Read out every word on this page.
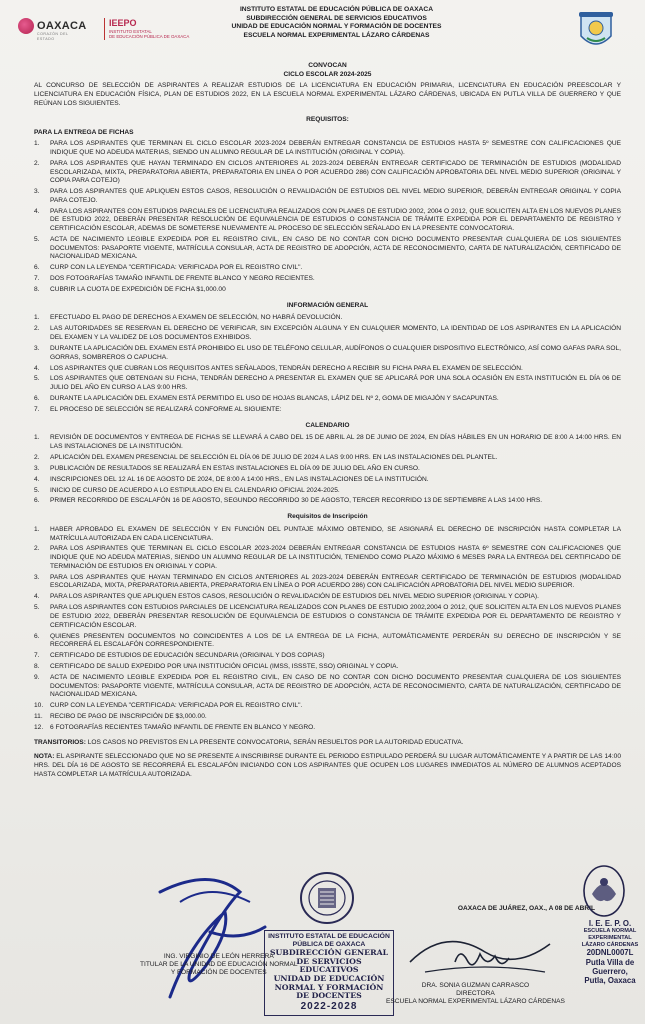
OAXACA
CORAZÓN DEL ESTADO
IEEPO
INSTITUTO ESTATAL
DE EDUCACIÓN PÚBLICA DE OAXACA
INSTITUTO ESTATAL DE EDUCACIÓN PÚBLICA DE OAXACA
SUBDIRECCIÓN GENERAL DE SERVICIOS EDUCATIVOS
UNIDAD DE EDUCACIÓN NORMAL Y FORMACIÓN DE DOCENTES
ESCUELA NORMAL EXPERIMENTAL LÁZARO CÁRDENAS
CONVOCAN
CICLO ESCOLAR 2024-2025

AL CONCURSO DE SELECCIÓN DE ASPIRANTES A REALIZAR ESTUDIOS DE LA LICENCIATURA EN EDUCACIÓN PRIMARIA, LICENCIATURA EN EDUCACIÓN PREESCOLAR Y LICENCIATURA EN EDUCACIÓN FÍSICA, PLAN DE ESTUDIOS 2022, EN LA ESCUELA NORMAL EXPERIMENTAL LÁZARO CÁRDENAS, UBICADA EN PUTLA VILLA DE GUERRERO Y QUE REÚNAN LOS SIGUIENTES.

REQUISITOS:
PARA LA ENTREGA DE FICHAS
1.	PARA LOS ASPIRANTES QUE TERMINAN EL CICLO ESCOLAR 2023-2024 DEBERÁN ENTREGAR CONSTANCIA DE ESTUDIOS HASTA 5º SEMESTRE CON CALIFICACIONES QUE INDIQUE QUE NO ADEUDA MATERIAS, SIENDO UN ALUMNO REGULAR DE LA INSTITUCIÓN (ORIGINAL Y COPIA).
2.	PARA LOS ASPIRANTES QUE HAYAN TERMINADO EN CICLOS ANTERIORES AL 2023-2024 DEBERÁN ENTREGAR CERTIFICADO DE TERMINACIÓN DE ESTUDIOS (MODALIDAD ESCOLARIZADA, MIXTA, PREPARATORIA ABIERTA, PREPARATORIA EN LINEA O POR ACUERDO 286) CON CALIFICACIÓN APROBATORIA DEL NIVEL MEDIO SUPERIOR (ORIGINAL Y COPIA PARA COTEJO)
3.	PARA LOS ASPIRANTES QUE APLIQUEN ESTOS CASOS, RESOLUCIÓN O REVALIDACIÓN DE ESTUDIOS DEL NIVEL MEDIO SUPERIOR, DEBERÁN ENTREGAR ORIGINAL Y COPIA PARA COTEJO.
4.	PARA LOS ASPIRANTES CON ESTUDIOS PARCIALES DE LICENCIATURA REALIZADOS CON PLANES DE ESTUDIO 2002, 2004 O 2012, QUE SOLICITEN ALTA EN LOS NUEVOS PLANES DE ESTUDIO 2022, DEBERÁN PRESENTAR RESOLUCIÓN DE EQUIVALENCIA DE ESTUDIOS O CONSTANCIA DE TRÁMITE EXPEDIDA POR EL DEPARTAMENTO DE REGISTRO Y CERTIFICACIÓN ESCOLAR, ADEMAS DE SOMETERSE NUEVAMENTE AL PROCESO DE SELECCIÓN SEÑALADO EN LA PRESENTE CONVOCATORIA.
5.	ACTA DE NACIMIENTO LEGIBLE EXPEDIDA POR EL REGISTRO CIVIL, EN CASO DE NO CONTAR CON DICHO DOCUMENTO PRESENTAR CUALQUIERA DE LOS SIGUIENTES DOCUMENTOS: PASAPORTE VIGENTE, MATRÍCULA CONSULAR, ACTA DE REGISTRO DE ADOPCIÓN, ACTA DE RECONOCIMIENTO, CARTA DE NATURALIZACIÓN, CERTIFICADO DE NACIONALIDAD MEXICANA.
6.	CURP CON LA LEYENDA "CERTIFICADA: VERIFICADA POR EL REGISTRO CIVIL".
7.	DOS FOTOGRAFÍAS TAMAÑO INFANTIL DE FRENTE BLANCO Y NEGRO RECIENTES.
8.	CUBRIR LA CUOTA DE EXPEDICIÓN DE FICHA $1,000.00
INFORMACIÓN GENERAL
1.	EFECTUADO EL PAGO DE DERECHOS A EXAMEN DE SELECCIÓN, NO HABRÁ DEVOLUCIÓN.
2.	LAS AUTORIDADES SE RESERVAN EL DERECHO DE VERIFICAR, SIN EXCEPCIÓN ALGUNA Y EN CUALQUIER MOMENTO, LA IDENTIDAD DE LOS ASPIRANTES EN LA APLICACIÓN DEL EXAMEN Y LA VALIDEZ DE LOS DOCUMENTOS EXHIBIDOS.
3.	DURANTE LA APLICACIÓN DEL EXAMEN ESTÁ PROHIBIDO EL USO DE TELÉFONO CELULAR, AUDÍFONOS O CUALQUIER DISPOSITIVO ELECTRÓNICO, ASÍ COMO GAFAS PARA SOL, GORRAS, SOMBREROS O CAPUCHA.
4.	LOS ASPIRANTES QUE CUBRAN LOS REQUISITOS ANTES SEÑALADOS, TENDRÁN DERECHO A RECIBIR SU FICHA PARA EL EXAMEN DE SELECCIÓN.
5.	LOS ASPIRANTES QUE OBTENGAN SU FICHA, TENDRÁN DERECHO A PRESENTAR EL EXAMEN QUE SE APLICARÁ POR UNA SOLA OCASIÓN EN ESTA INSTITUCIÓN EL DÍA 06 DE JULIO DEL AÑO EN CURSO A LAS 9:00 HRS.
6.	DURANTE LA APLICACIÓN DEL EXAMEN ESTÁ PERMITIDO EL USO DE HOJAS BLANCAS, LÁPIZ DEL Nº 2, GOMA DE MIGAJÓN Y SACAPUNTAS.
7.	EL PROCESO DE SELECCIÓN SE REALIZARÁ CONFORME AL SIGUIENTE:
CALENDARIO
1.	REVISIÓN DE DOCUMENTOS Y ENTREGA DE FICHAS SE LLEVARÁ A CABO DEL 15 DE ABRIL AL 28 DE JUNIO DE 2024, EN DÍAS HÁBILES EN UN HORARIO DE 8:00 A 14:00 HRS. EN LAS INSTALACIONES DE LA INSTITUCIÓN.
2.	APLICACIÓN DEL EXAMEN PRESENCIAL DE SELECCIÓN EL DÍA 06 DE JULIO DE 2024 A LAS 9:00 HRS. EN LAS INSTALACIONES DEL PLANTEL.
3.	PUBLICACIÓN DE RESULTADOS SE REALIZARÁ EN ESTAS INSTALACIONES EL DÍA 09 DE JULIO DEL AÑO EN CURSO.
4.	INSCRIPCIONES DEL 12 AL 16 DE AGOSTO DE 2024, DE 8:00 A 14:00 HRS., EN LAS INSTALACIONES DE LA INSTITUCIÓN.
5.	INICIO DE CURSO DE ACUERDO A LO ESTIPULADO EN EL CALENDARIO OFICIAL 2024-2025.
6.	PRIMER RECORRIDO DE ESCALAFÓN 16 DE AGOSTO, SEGUNDO RECORRIDO 30 DE AGOSTO, TERCER RECORRIDO 13 DE SEPTIEMBRE A LAS 14:00 HRS.
Requisitos de Inscripción
1.	HABER APROBADO EL EXAMEN DE SELECCIÓN Y EN FUNCIÓN DEL PUNTAJE MÁXIMO OBTENIDO, SE ASIGNARÁ EL DERECHO DE INSCRIPCIÓN HASTA COMPLETAR LA MATRÍCULA AUTORIZADA EN CADA LICENCIATURA.
2.	PARA LOS ASPIRANTES QUE TERMINAN EL CICLO ESCOLAR 2023-2024 DEBERÁN ENTREGAR CONSTANCIA DE ESTUDIOS HASTA 6º SEMESTRE CON CALIFICACIONES QUE INDIQUE QUE NO ADEUDA MATERIAS, SIENDO UN ALUMNO REGULAR DE LA INSTITUCIÓN, TENIENDO COMO PLAZO MÁXIMO 6 MESES PARA LA ENTREGA DEL CERTIFICADO DE TERMINACIÓN DE ESTUDIOS EN ORIGINAL Y COPIA.
3.	PARA LOS ASPIRANTES QUE HAYAN TERMINADO EN CICLOS ANTERIORES AL 2023-2024 DEBERÁN ENTREGAR CERTIFICADO DE TERMINACIÓN DE ESTUDIOS (MODALIDAD ESCOLARIZADA, MIXTA, PREPARATORIA ABIERTA, PREPARATORIA EN LÍNEA O POR ACUERDO 286) CON CALIFICACIÓN APROBATORIA DEL NIVEL MEDIO SUPERIOR.
4.	PARA LOS ASPIRANTES QUE APLIQUEN ESTOS CASOS, RESOLUCIÓN O REVALIDACIÓN DE ESTUDIOS DEL NIVEL MEDIO SUPERIOR (ORIGINAL Y COPIA).
5.	PARA LOS ASPIRANTES CON ESTUDIOS PARCIALES DE LICENCIATURA REALIZADOS CON PLANES DE ESTUDIO 2002,2004 O 2012, QUE SOLICITEN ALTA EN LOS NUEVOS PLANES DE ESTUDIO 2022, DEBERÁN PRESENTAR RESOLUCIÓN DE EQUIVALENCIA DE ESTUDIOS O CONSTANCIA DE TRÁMITE EXPEDIDA POR EL DEPARTAMENTO DE REGISTRO Y CERTIFICACIÓN ESCOLAR.
6.	QUIENES PRESENTEN DOCUMENTOS NO COINCIDENTES A LOS DE LA ENTREGA DE LA FICHA, AUTOMÁTICAMENTE PERDERÁN SU DERECHO DE INSCRIPCIÓN Y SE RECORRERÁ EL ESCALAFÓN CORRESPONDIENTE.
7.	CERTIFICADO DE ESTUDIOS DE EDUCACIÓN SECUNDARIA (ORIGINAL Y DOS COPIAS)
8.	CERTIFICADO DE SALUD EXPEDIDO POR UNA INSTITUCIÓN OFICIAL (IMSS, ISSSTE, SSO) ORIGINAL Y COPIA.
9.	ACTA DE NACIMIENTO LEGIBLE EXPEDIDA POR EL REGISTRO CIVIL, EN CASO DE NO CONTAR CON DICHO DOCUMENTO PRESENTAR CUALQUIERA DE LOS SIGUIENTES DOCUMENTOS: PASAPORTE VIGENTE, MATRÍCULA CONSULAR, ACTA DE REGISTRO DE ADOPCIÓN, ACTA DE RECONOCIMIENTO, CARTA DE NATURALIZACIÓN, CERTIFICADO DE NACIONALIDAD MEXICANA.
10.	CURP CON LA LEYENDA "CERTIFICADA: VERIFICADA POR EL REGISTRO CIVIL".
11.	RECIBO DE PAGO DE INSCRIPCIÓN DE $3,000.00.
12.	6 FOTOGRAFÍAS RECIENTES TAMAÑO INFANTIL DE FRENTE EN BLANCO Y NEGRO.

TRANSITORIOS: LOS CASOS NO PREVISTOS EN LA PRESENTE CONVOCATORIA, SERÁN RESUELTOS POR LA AUTORIDAD EDUCATIVA.

NOTA: EL ASPIRANTE SELECCIONADO QUE NO SE PRESENTE A INSCRIBIRSE DURANTE EL PERIODO ESTIPULADO PERDERÁ SU LUGAR AUTOMÁTICAMENTE Y A PARTIR DE LAS 14:00 HRS. DEL DÍA 16 DE AGOSTO SE RECORRERÁ EL ESCALAFÓN INICIANDO CON LOS ASPIRANTES QUE OCUPEN LOS LUGARES INMEDIATOS AL NÚMERO DE ALUMNOS ACEPTADOS HASTA COMPLETAR LA MATRÍCULA AUTORIZADA.

OAXACA DE JUÁREZ, OAX., A 08 DE ABRIL
INSTITUTO ESTATAL DE EDUCACIÓN
PÚBLICA DE OAXACA
SUBDIRECCIÓN GENERAL
DE SERVICIOS EDUCATIVOS
UNIDAD DE EDUCACIÓN
NORMAL Y FORMACIÓN
DE DOCENTES
2022-2028
ING. VIRGINIO DE LEÓN HERRERA
TITULAR DE LA UNIDAD DE EDUCACIÓN NORMAL
Y FORMACIÓN DE DOCENTES
DRA. SONIA GUZMAN CARRASCO
DIRECTORA
ESCUELA NORMAL EXPERIMENTAL LÁZARO CÁRDENAS
I. E. E. P. O.
ESCUELA NORMAL EXPERIMENTAL
LÁZARO CÁRDENAS
20DNL0007L
Putla Villa de Guerrero,
Putla, Oaxaca
